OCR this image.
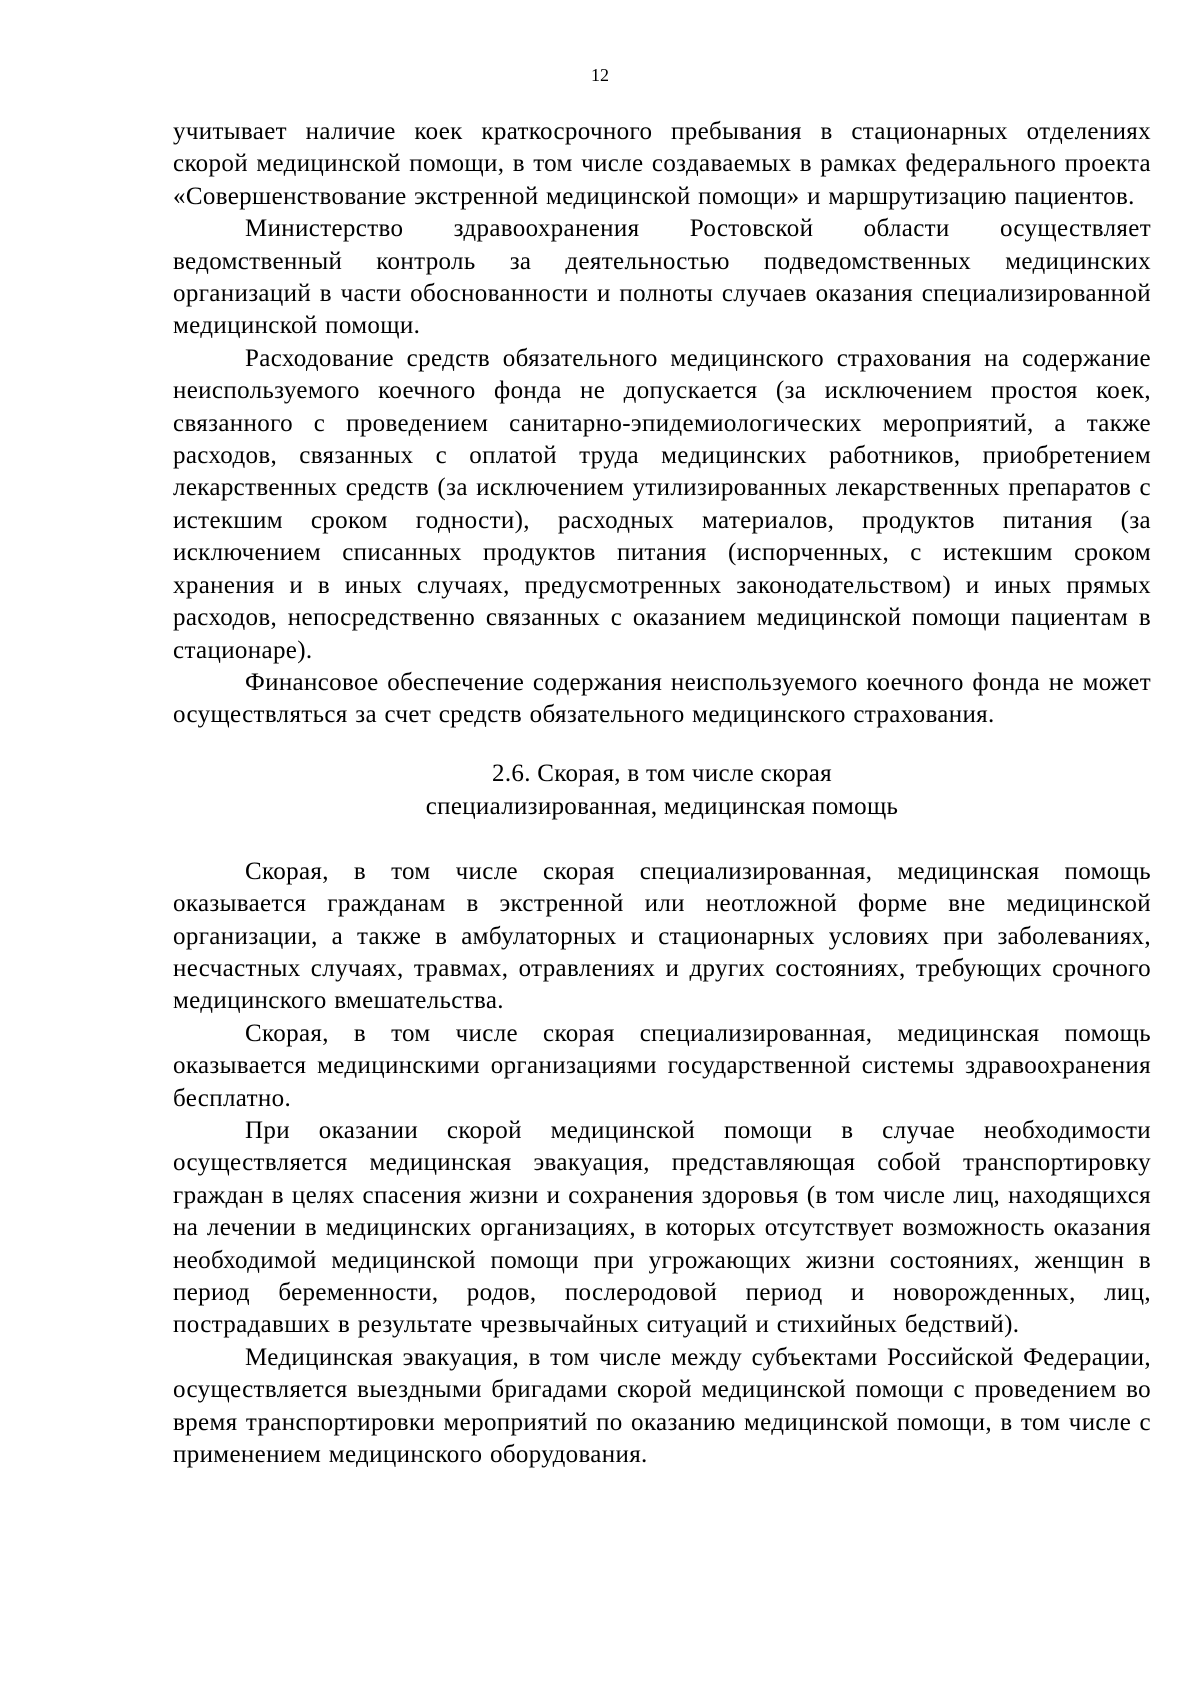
12

учитывает наличие коек краткосрочного пребывания в стационарных отделениях скорой медицинской помощи, в том числе создаваемых в рамках федерального проекта «Совершенствование экстренной медицинской помощи» и маршрутизацию пациентов.

Министерство здравоохранения Ростовской области осуществляет ведомственный контроль за деятельностью подведомственных медицинских организаций в части обоснованности и полноты случаев оказания специализированной медицинской помощи.

Расходование средств обязательного медицинского страхования на содержание неиспользуемого коечного фонда не допускается (за исключением простоя коек, связанного с проведением санитарно-эпидемиологических мероприятий, а также расходов, связанных с оплатой труда медицинских работников, приобретением лекарственных средств (за исключением утилизированных лекарственных препаратов с истекшим сроком годности), расходных материалов, продуктов питания (за исключением списанных продуктов питания (испорченных, с истекшим сроком хранения и в иных случаях, предусмотренных законодательством) и иных прямых расходов, непосредственно связанных с оказанием медицинской помощи пациентам в стационаре).

Финансовое обеспечение содержания неиспользуемого коечного фонда не может осуществляться за счет средств обязательного медицинского страхования.

2.6. Скорая, в том числе скорая
специализированная, медицинская помощь

Скорая, в том числе скорая специализированная, медицинская помощь оказывается гражданам в экстренной или неотложной форме вне медицинской организации, а также в амбулаторных и стационарных условиях при заболеваниях, несчастных случаях, травмах, отравлениях и других состояниях, требующих срочного медицинского вмешательства.

Скорая, в том числе скорая специализированная, медицинская помощь оказывается медицинскими организациями государственной системы здравоохранения бесплатно.

При оказании скорой медицинской помощи в случае необходимости осуществляется медицинская эвакуация, представляющая собой транспортировку граждан в целях спасения жизни и сохранения здоровья (в том числе лиц, находящихся на лечении в медицинских организациях, в которых отсутствует возможность оказания необходимой медицинской помощи при угрожающих жизни состояниях, женщин в период беременности, родов, послеродовой период и новорожденных, лиц, пострадавших в результате чрезвычайных ситуаций и стихийных бедствий).

Медицинская эвакуация, в том числе между субъектами Российской Федерации, осуществляется выездными бригадами скорой медицинской помощи с проведением во время транспортировки мероприятий по оказанию медицинской помощи, в том числе с применением медицинского оборудования.
